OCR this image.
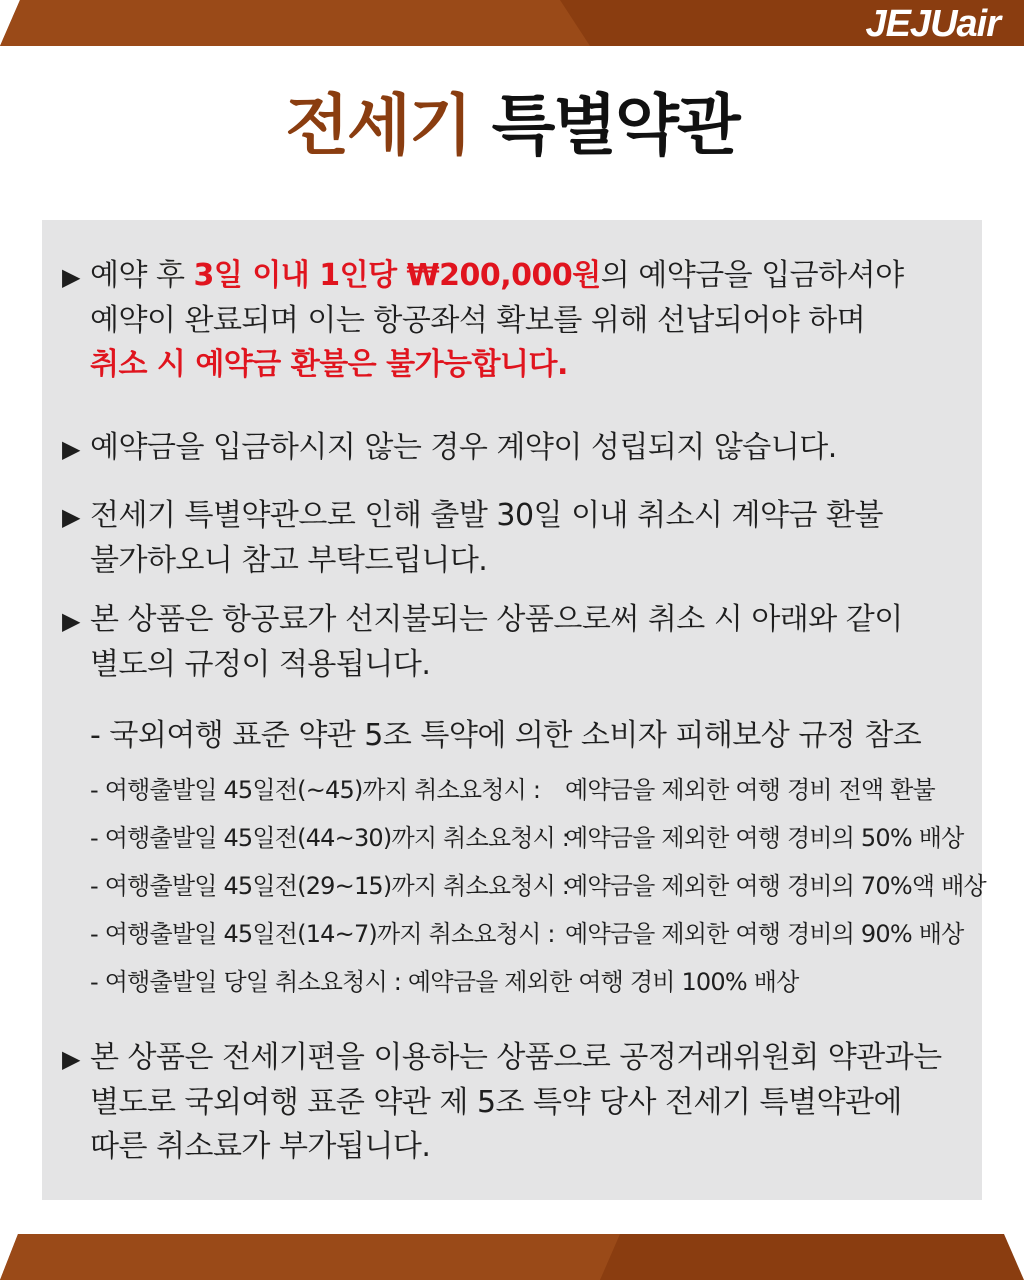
JEJUair
전세기 특별약관
▶ 예약 후 3일 이내 1인당 ₩200,000원의 예약금을 입금하셔야
예약이 완료되며 이는 항공좌석 확보를 위해 선납되어야 하며
취소 시 예약금 환불은 불가능합니다.
▶ 예약금을 입금하시지 않는 경우 계약이 성립되지 않습니다.
▶ 전세기 특별약관으로 인해 출발 30일 이내 취소시 계약금 환불
불가하오니 참고 부탁드립니다.
▶ 본 상품은 항공료가 선지불되는 상품으로써 취소 시 아래와 같이
별도의 규정이 적용됩니다.
- 국외여행 표준 약관 5조 특약에 의한 소비자 피해보상 규정 참조
- 여행출발일 45일전(~45)까지 취소요청시 : 예약금을 제외한 여행 경비 전액 환불
- 여행출발일 45일전(44~30)까지 취소요청시 :
예약금을 제외한 여행 경비의 50% 배상
- 여행출발일 45일전(29~15)까지 취소요청시 :
예약금을 제외한 여행 경비의 70%액 배상
- 여행출발일 45일전(14~7)까지 취소요청시 : 예약금을 제외한 여행 경비의 90% 배상
- 여행출발일 당일 취소요청시 : 예약금을 제외한 여행 경비 100% 배상
▶ 본 상품은 전세기편을 이용하는 상품으로 공정거래위원회 약관과는
별도로 국외여행 표준 약관 제 5조 특약 당사 전세기 특별약관에
따른 취소료가 부가됩니다.
